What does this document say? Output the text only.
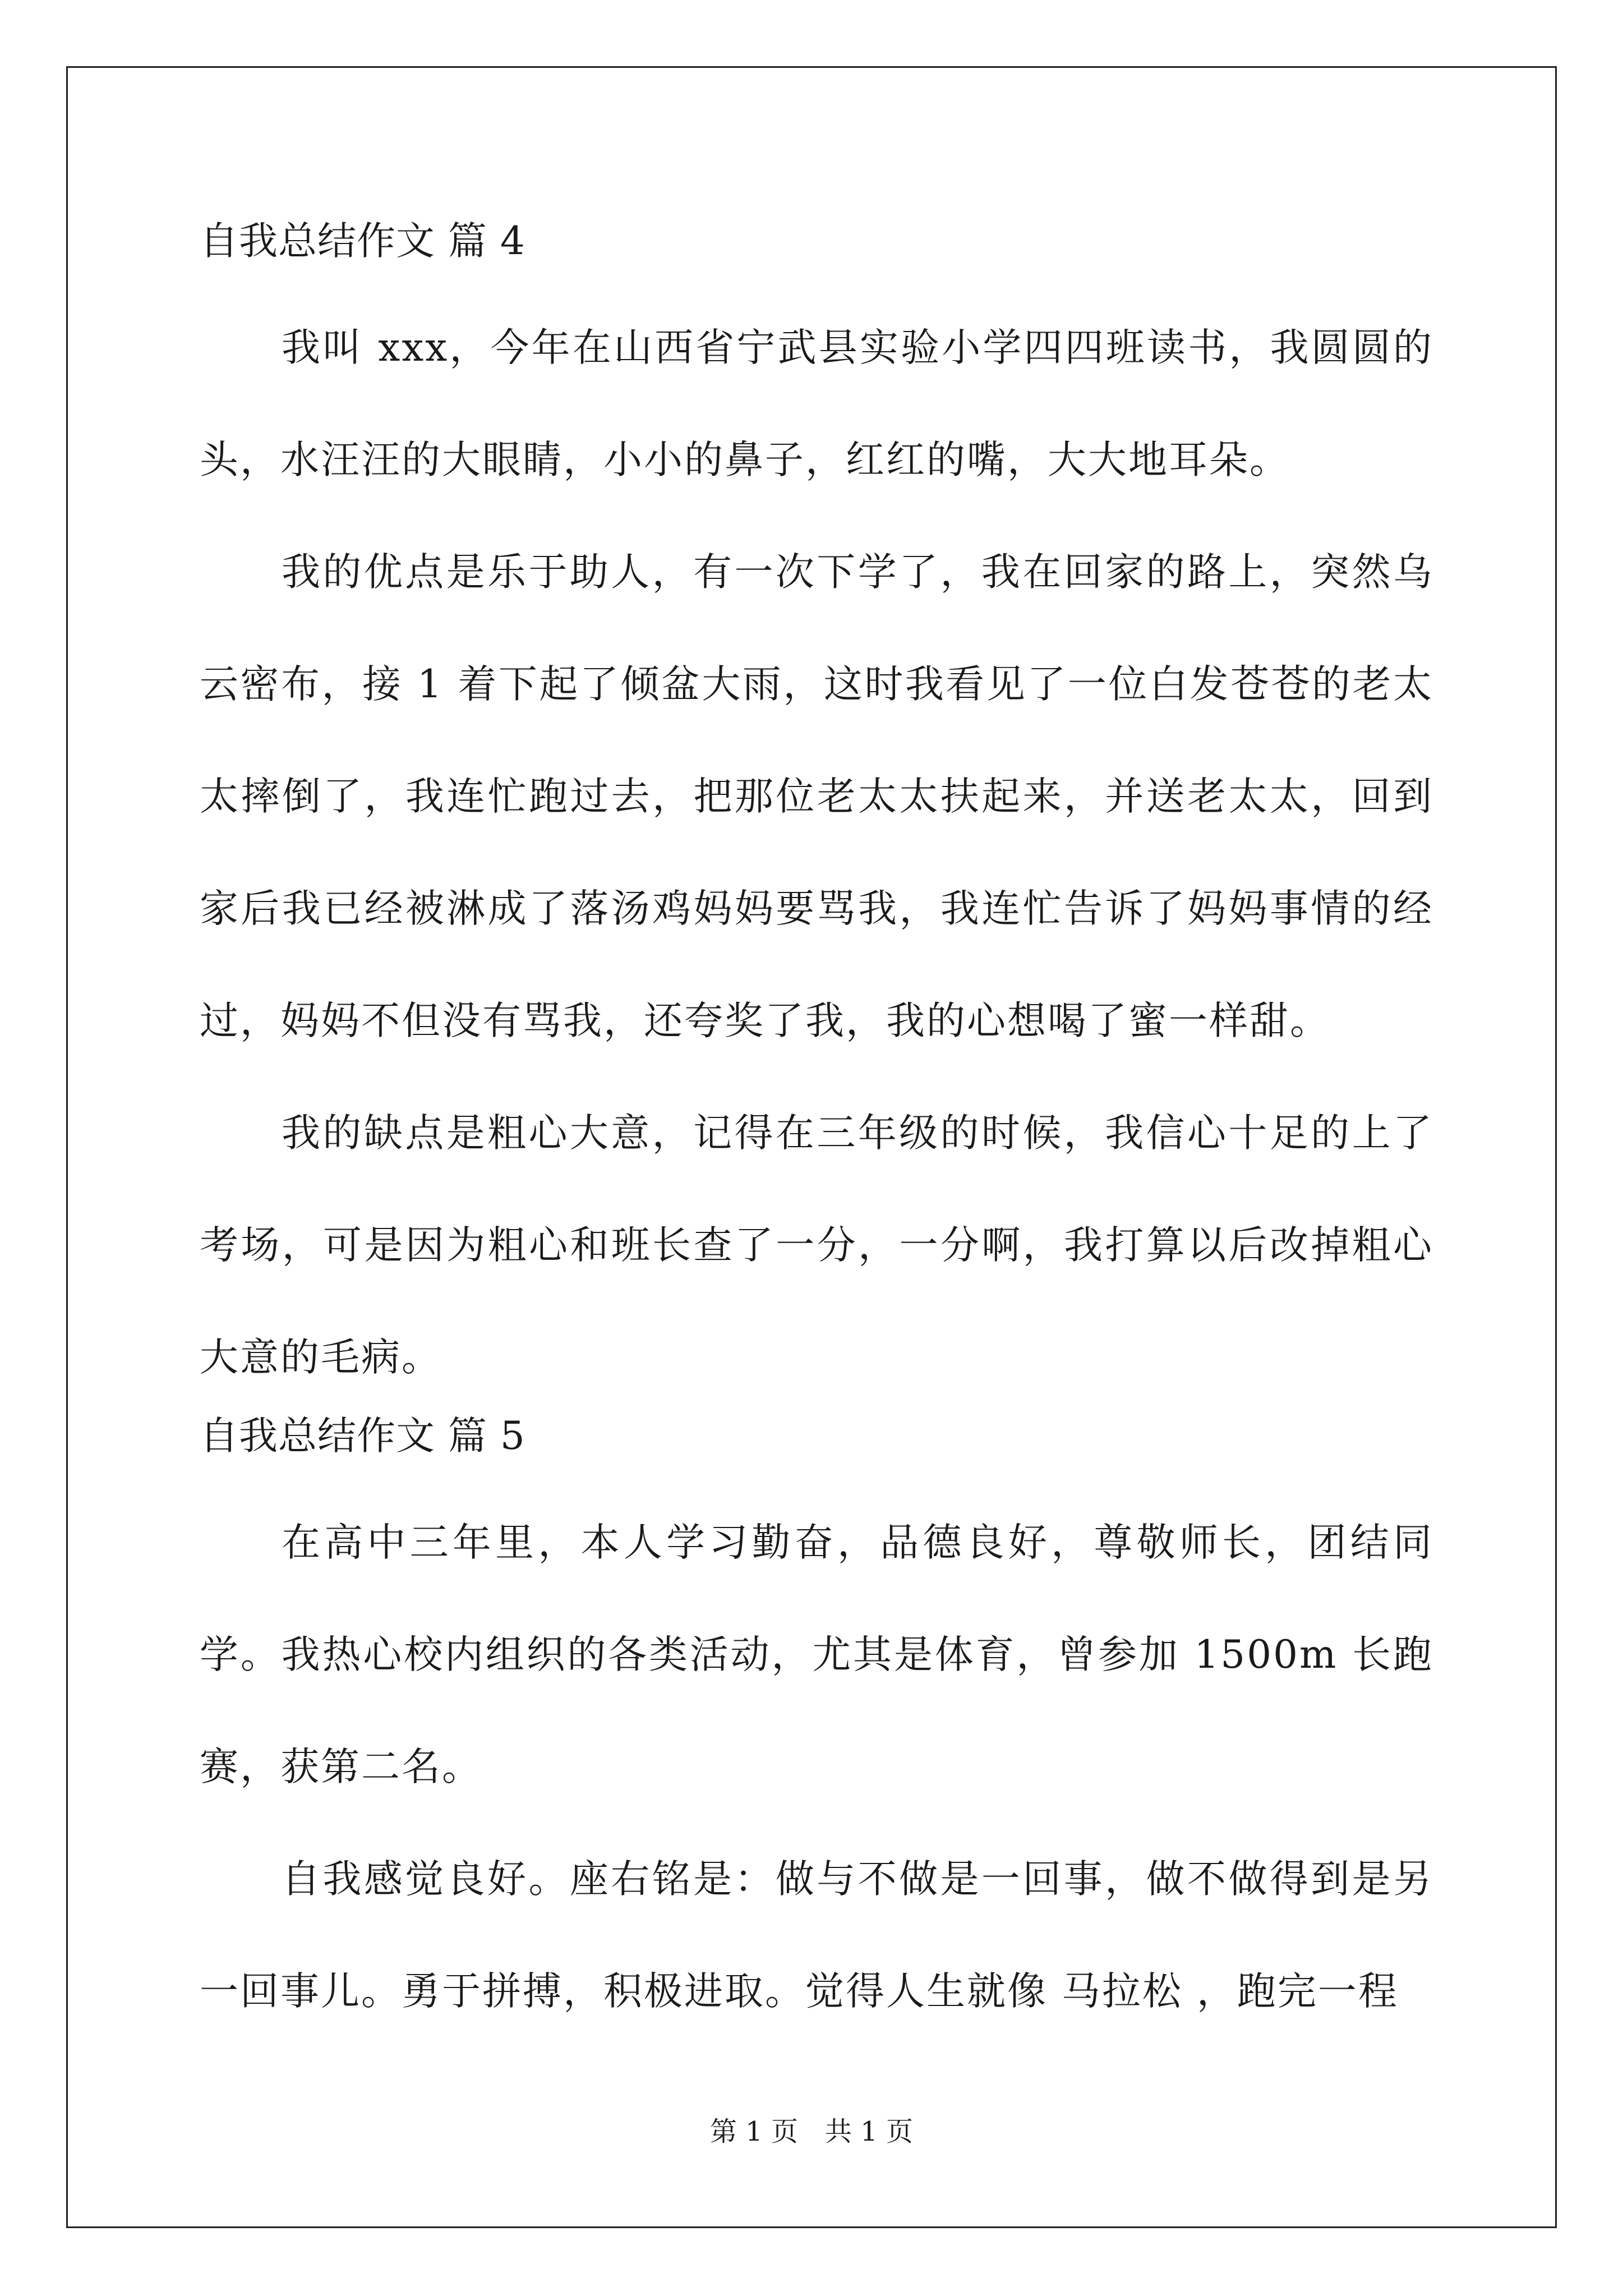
自我总结作文 篇 4

我叫 xxx，今年在山西省宁武县实验小学四四班读书，我圆圆的头，水汪汪的大眼睛，小小的鼻子，红红的嘴，大大地耳朵。

我的优点是乐于助人，有一次下学了，我在回家的路上，突然乌云密布，接 1 着下起了倾盆大雨，这时我看见了一位白发苍苍的老太太摔倒了，我连忙跑过去，把那位老太太扶起来，并送老太太，回到家后我已经被淋成了落汤鸡妈妈要骂我，我连忙告诉了妈妈事情的经过，妈妈不但没有骂我，还夸奖了我，我的心想喝了蜜一样甜。

我的缺点是粗心大意，记得在三年级的时候，我信心十足的上了考场，可是因为粗心和班长查了一分，一分啊，我打算以后改掉粗心大意的毛病。

自我总结作文 篇 5

在高中三年里，本人学习勤奋，品德良好，尊敬师长，团结同学。我热心校内组织的各类活动，尤其是体育，曾参加 1500m 长跑赛，获第二名。

自我感觉良好。座右铭是：做与不做是一回事，做不做得到是另一回事儿。勇于拼搏，积极进取。觉得人生就像 马拉松 ，跑完一程

第 1 页　共 1 页
